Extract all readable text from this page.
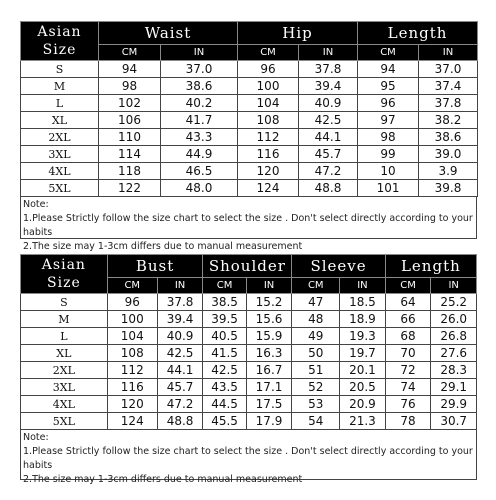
Asian
Size	Waist		Hip		Length	
	CM	IN	CM	IN	CM	IN
S	94	37.0	96	37.8	94	37.0
M	98	38.6	100	39.4	95	37.4
L	102	40.2	104	40.9	96	37.8
XL	106	41.7	108	42.5	97	38.2
2XL	110	43.3	112	44.1	98	38.6
3XL	114	44.9	116	45.7	99	39.0
4XL	118	46.5	120	47.2	10	3.9
5XL	122	48.0	124	48.8	101	39.8
Note:
1.Please Strictly follow the size chart to select the size . Don't select directly according to your habits
2.The size may 1-3cm differs due to manual measurement
Asian
Size	Bust		Shoulder		Sleeve		Length	
	CM	IN	CM	IN	CM	IN	CM	IN
S	96	37.8	38.5	15.2	47	18.5	64	25.2
M	100	39.4	39.5	15.6	48	18.9	66	26.0
L	104	40.9	40.5	15.9	49	19.3	68	26.8
XL	108	42.5	41.5	16.3	50	19.7	70	27.6
2XL	112	44.1	42.5	16.7	51	20.1	72	28.3
3XL	116	45.7	43.5	17.1	52	20.5	74	29.1
4XL	120	47.2	44.5	17.5	53	20.9	76	29.9
5XL	124	48.8	45.5	17.9	54	21.3	78	30.7
Note:
1.Please Strictly follow the size chart to select the size . Don't select directly according to your habits
2.The size may 1-3cm differs due to manual measurement
